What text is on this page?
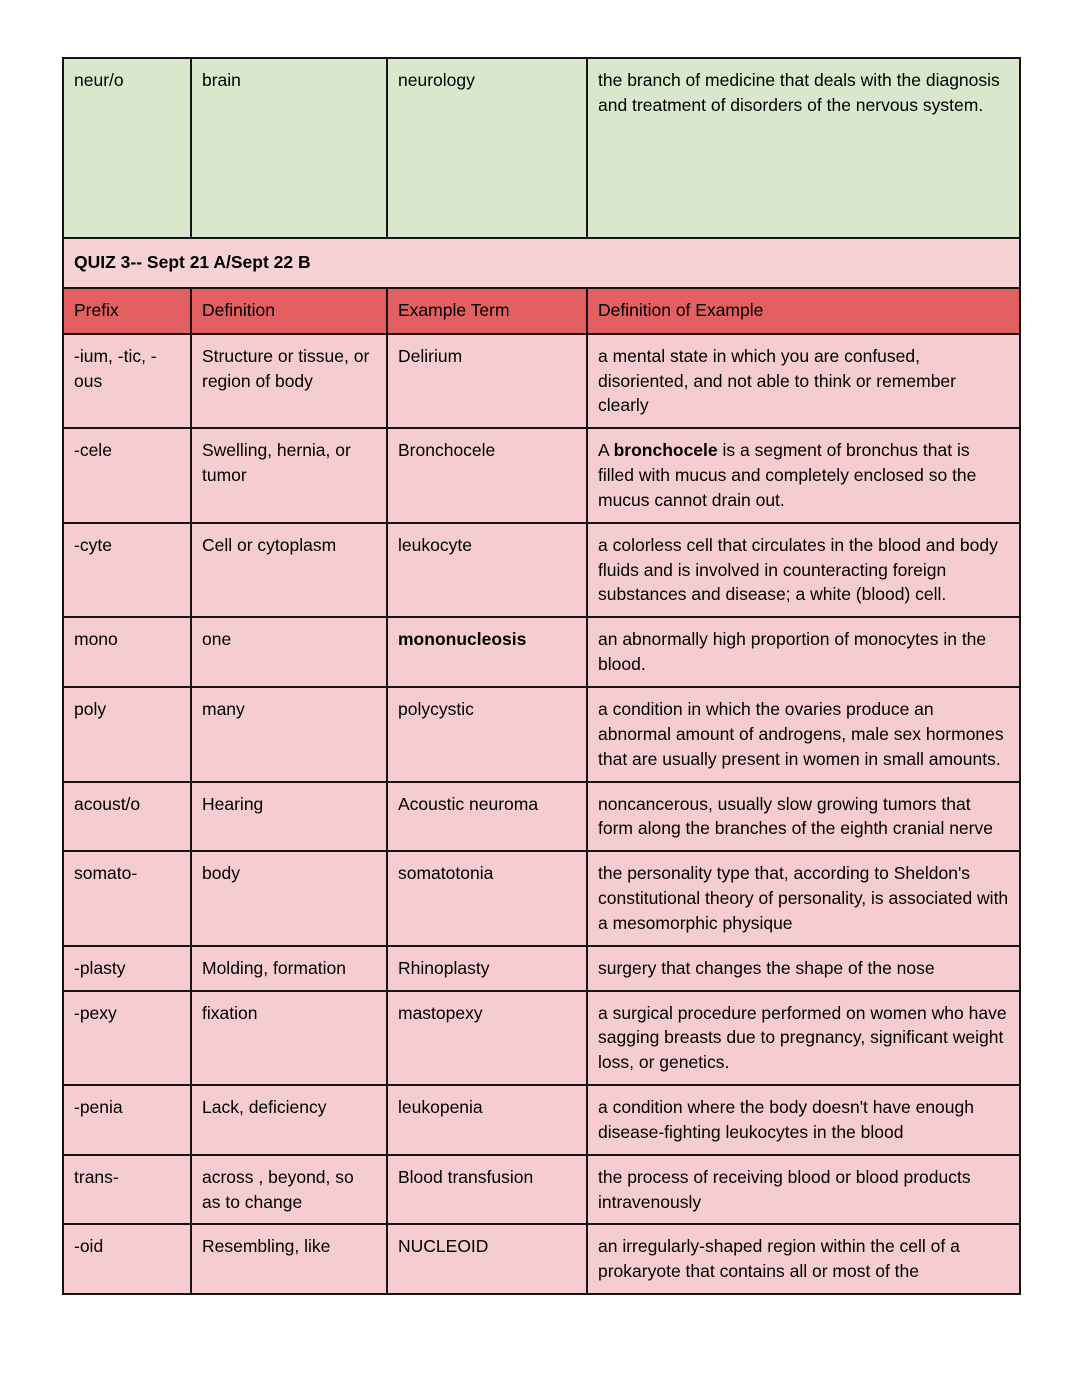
neur/o	brain	neurology	the branch of medicine that deals with the diagnosis and treatment of disorders of the nervous system.
QUIZ 3-- Sept 21 A/Sept 22 B			
Prefix	Definition	Example Term	Definition of Example
-ium, -tic, -ous	Structure or tissue, or region of body	Delirium	a mental state in which you are confused, disoriented, and not able to think or remember clearly
-cele	Swelling, hernia, or tumor	Bronchocele	A bronchocele is a segment of bronchus that is filled with mucus and completely enclosed so the mucus cannot drain out.
-cyte	Cell or cytoplasm	leukocyte	a colorless cell that circulates in the blood and body fluids and is involved in counteracting foreign substances and disease; a white (blood) cell.
mono	one	mononucleosis	an abnormally high proportion of monocytes in the blood.
poly	many	polycystic	a condition in which the ovaries produce an abnormal amount of androgens, male sex hormones that are usually present in women in small amounts.
acoust/o	Hearing	Acoustic neuroma	noncancerous, usually slow growing tumors that form along the branches of the eighth cranial nerve
somato-	body	somatotonia	the personality type that, according to Sheldon's constitutional theory of personality, is associated with a mesomorphic physique
-plasty	Molding, formation	Rhinoplasty	surgery that changes the shape of the nose
-pexy	fixation	mastopexy	a surgical procedure performed on women who have sagging breasts due to pregnancy, significant weight loss, or genetics.
-penia	Lack, deficiency	leukopenia	a condition where the body doesn't have enough disease-fighting leukocytes in the blood
trans-	across , beyond, so as to change	Blood transfusion	the process of receiving blood or blood products intravenously
-oid	Resembling, like	NUCLEOID	an irregularly-shaped region within the cell of a prokaryote that contains all or most of the
